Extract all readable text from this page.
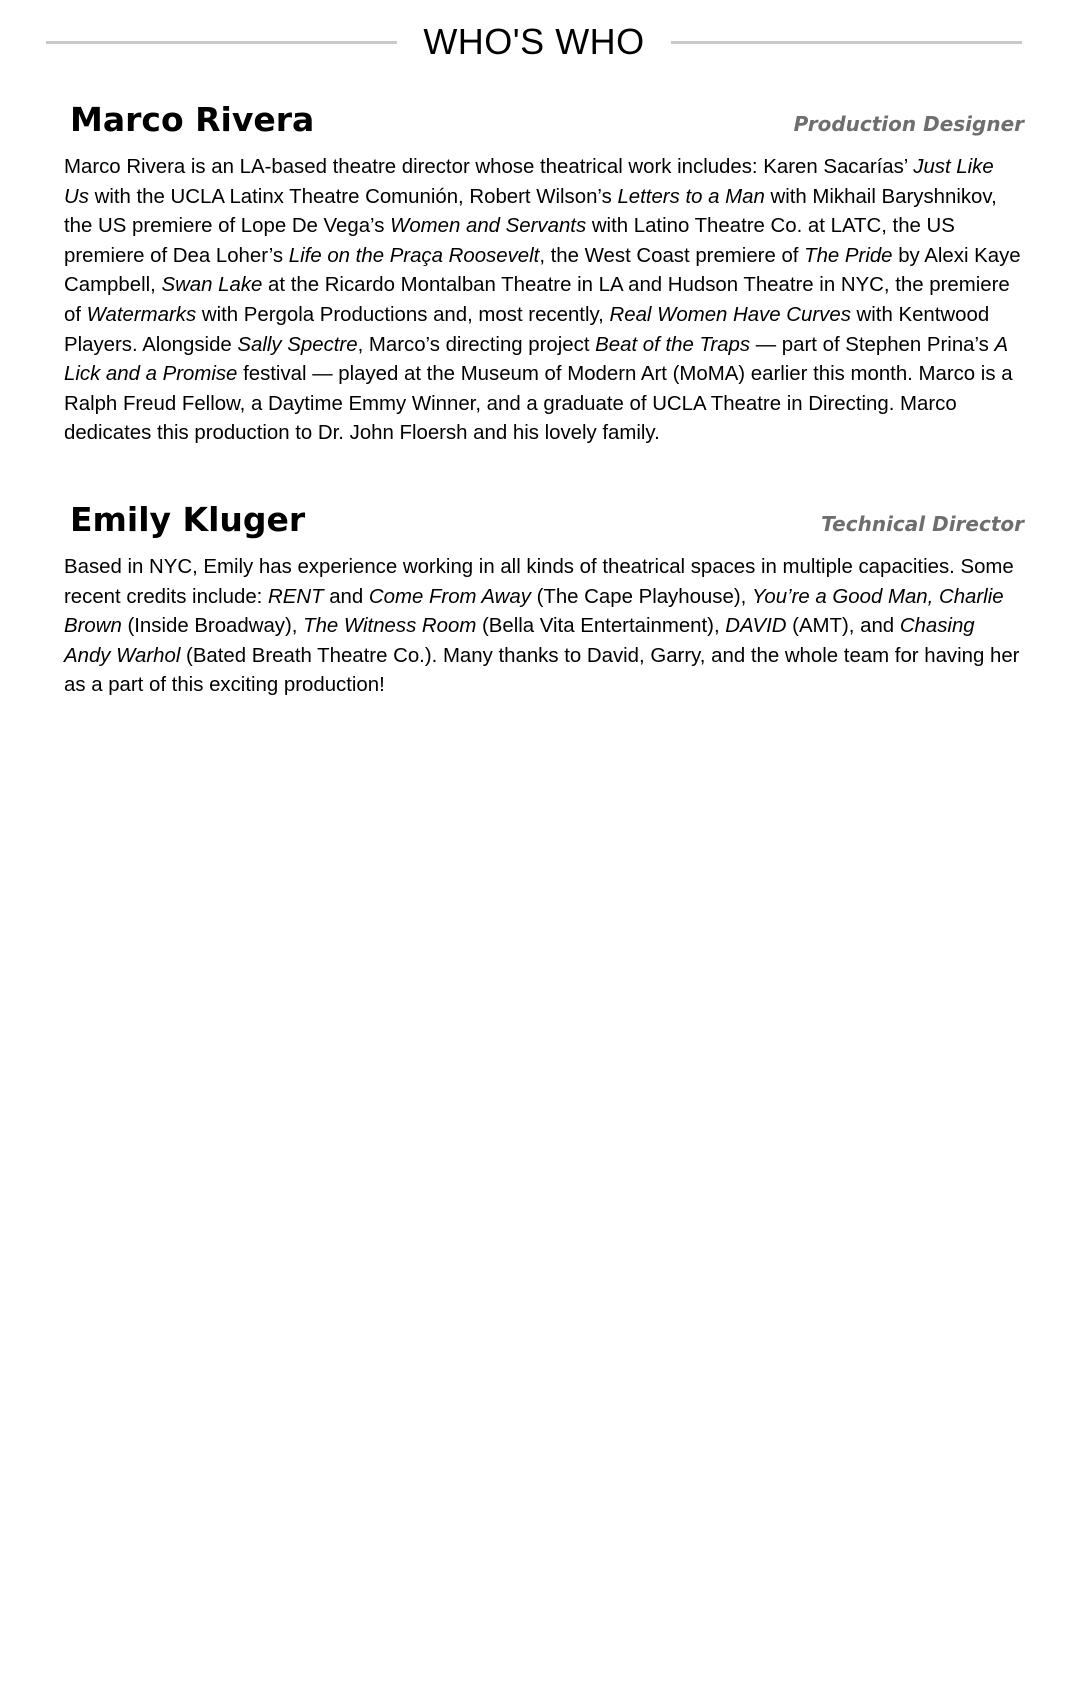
WHO'S WHO
Marco Rivera	Production Designer

Marco Rivera is an LA-based theatre director whose theatrical work includes: Karen Sacarías’ Just Like Us with the UCLA Latinx Theatre Comunión, Robert Wilson’s Letters to a Man with Mikhail Baryshnikov, the US premiere of Lope De Vega’s Women and Servants with Latino Theatre Co. at LATC, the US premiere of Dea Loher’s Life on the Praça Roosevelt, the West Coast premiere of The Pride by Alexi Kaye Campbell, Swan Lake at the Ricardo Montalban Theatre in LA and Hudson Theatre in NYC, the premiere of Watermarks with Pergola Productions and, most recently, Real Women Have Curves with Kentwood Players. Alongside Sally Spectre, Marco’s directing project Beat of the Traps — part of Stephen Prina’s A Lick and a Promise festival — played at the Museum of Modern Art (MoMA) earlier this month. Marco is a Ralph Freud Fellow, a Daytime Emmy Winner, and a graduate of UCLA Theatre in Directing. Marco dedicates this production to Dr. John Floersh and his lovely family.

Emily Kluger	Technical Director

Based in NYC, Emily has experience working in all kinds of theatrical spaces in multiple capacities. Some recent credits include: RENT and Come From Away (The Cape Playhouse), You’re a Good Man, Charlie Brown (Inside Broadway), The Witness Room (Bella Vita Entertainment), DAVID (AMT), and Chasing Andy Warhol (Bated Breath Theatre Co.). Many thanks to David, Garry, and the whole team for having her as a part of this exciting production!
